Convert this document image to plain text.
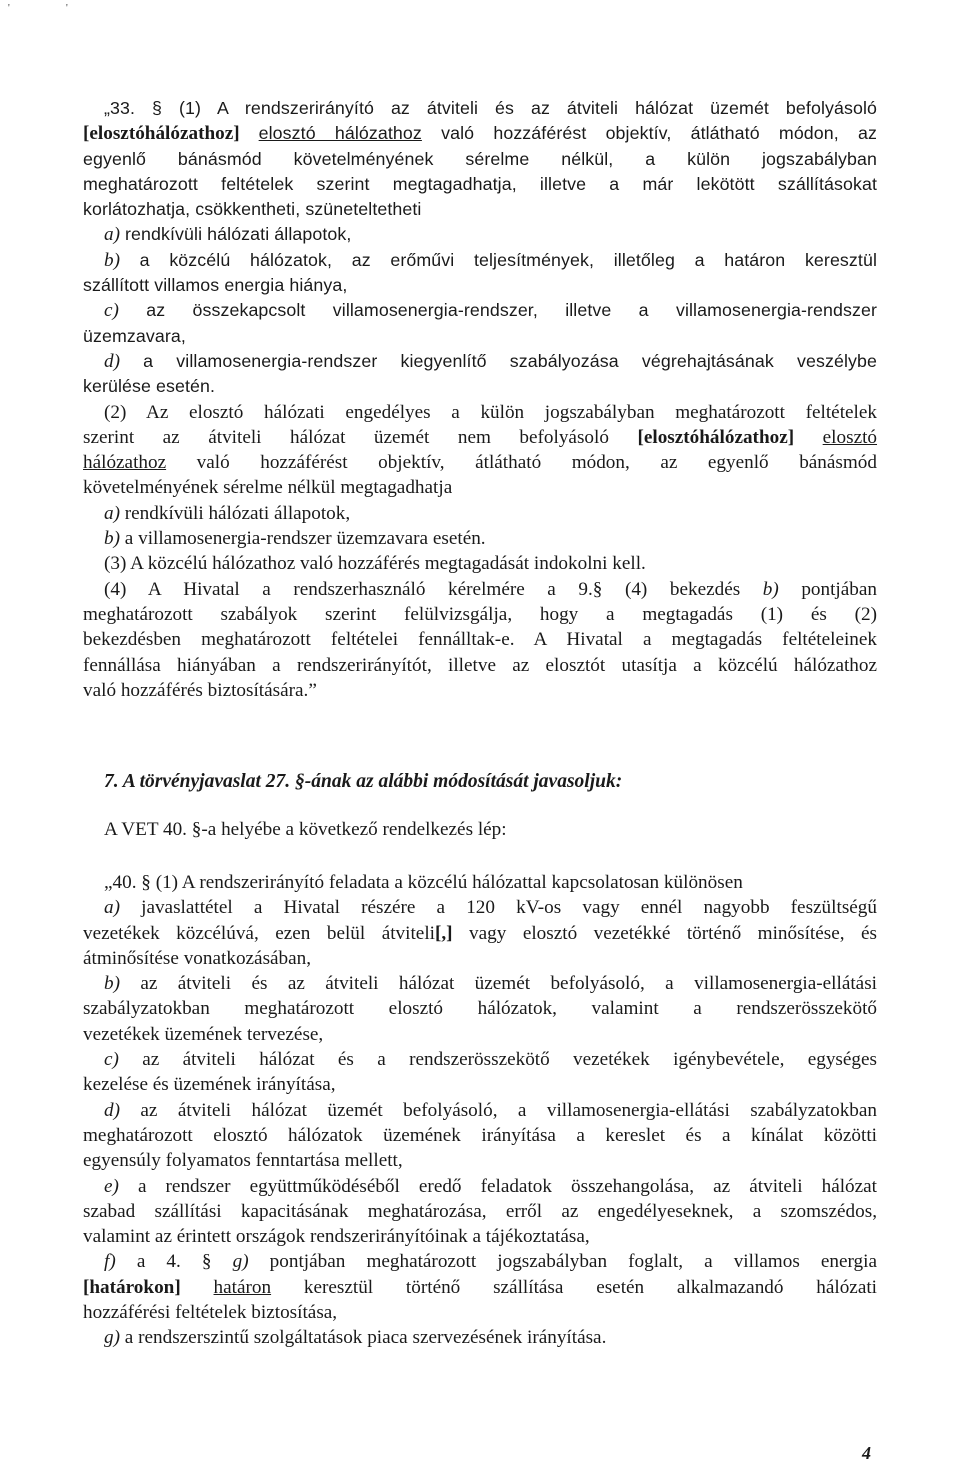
'	'
„33. § (1) A rendszerirányító az átviteli és az átviteli hálózat üzemét befolyásoló
[elosztóhálózathoz] elosztó hálózathoz való hozzáférést objektív, átlátható módon, az
egyenlő bánásmód követelményének sérelme nélkül, a külön jogszabályban
meghatározott feltételek szerint megtagadhatja, illetve a már lekötött szállításokat
korlátozhatja, csökkentheti, szüneteltetheti
a) rendkívüli hálózati állapotok,
b) a közcélú hálózatok, az erőművi teljesítmények, illetőleg a határon keresztül
szállított villamos energia hiánya,
c) az összekapcsolt villamosenergia-rendszer, illetve a villamosenergia-rendszer
üzemzavara,
d) a villamosenergia-rendszer kiegyenlítő szabályozása végrehajtásának veszélybe
kerülése esetén.
(2) Az elosztó hálózati engedélyes a külön jogszabályban meghatározott feltételek
szerint az átviteli hálózat üzemét nem befolyásoló [elosztóhálózathoz] elosztó
hálózathoz való hozzáférést objektív, átlátható módon, az egyenlő bánásmód
követelményének sérelme nélkül megtagadhatja
a) rendkívüli hálózati állapotok,
b) a villamosenergia-rendszer üzemzavara esetén.
(3) A közcélú hálózathoz való hozzáférés megtagadását indokolni kell.
(4) A Hivatal a rendszerhasználó kérelmére a 9.§ (4) bekezdés b) pontjában
meghatározott szabályok szerint felülvizsgálja, hogy a megtagadás (1) és (2)
bekezdésben meghatározott feltételei fennálltak-e. A Hivatal a megtagadás feltételeinek
fennállása hiányában a rendszerirányítót, illetve az elosztót utasítja a közcélú hálózathoz
való hozzáférés biztosítására.”
7. A törvényjavaslat 27. §-ának az alábbi módosítását javasoljuk:
A VET 40. §-a helyébe a következő rendelkezés lép:
„40. § (1) A rendszerirányító feladata a közcélú hálózattal kapcsolatosan különösen
a) javaslattétel a Hivatal részére a 120 kV-os vagy ennél nagyobb feszültségű
vezetékek közcélúvá, ezen belül átviteli[,] vagy elosztó vezetékké történő minősítése, és
átminősítése vonatkozásában,
b) az átviteli és az átviteli hálózat üzemét befolyásoló, a villamosenergia-ellátási
szabályzatokban meghatározott elosztó hálózatok, valamint a rendszerösszekötő
vezetékek üzemének tervezése,
c) az átviteli hálózat és a rendszerösszekötő vezetékek igénybevétele, egységes
kezelése és üzemének irányítása,
d) az átviteli hálózat üzemét befolyásoló, a villamosenergia-ellátási szabályzatokban
meghatározott elosztó hálózatok üzemének irányítása a kereslet és a kínálat közötti
egyensúly folyamatos fenntartása mellett,
e) a rendszer együttműködéséből eredő feladatok összehangolása, az átviteli hálózat
szabad szállítási kapacitásának meghatározása, erről az engedélyeseknek, a szomszédos,
valamint az érintett országok rendszerirányítóinak a tájékoztatása,
f) a 4. § g) pontjában meghatározott jogszabályban foglalt, a villamos energia
[határokon] határon keresztül történő szállítása esetén alkalmazandó hálózati
hozzáférési feltételek biztosítása,
g) a rendszerszintű szolgáltatások piaca szervezésének irányítása.
4
